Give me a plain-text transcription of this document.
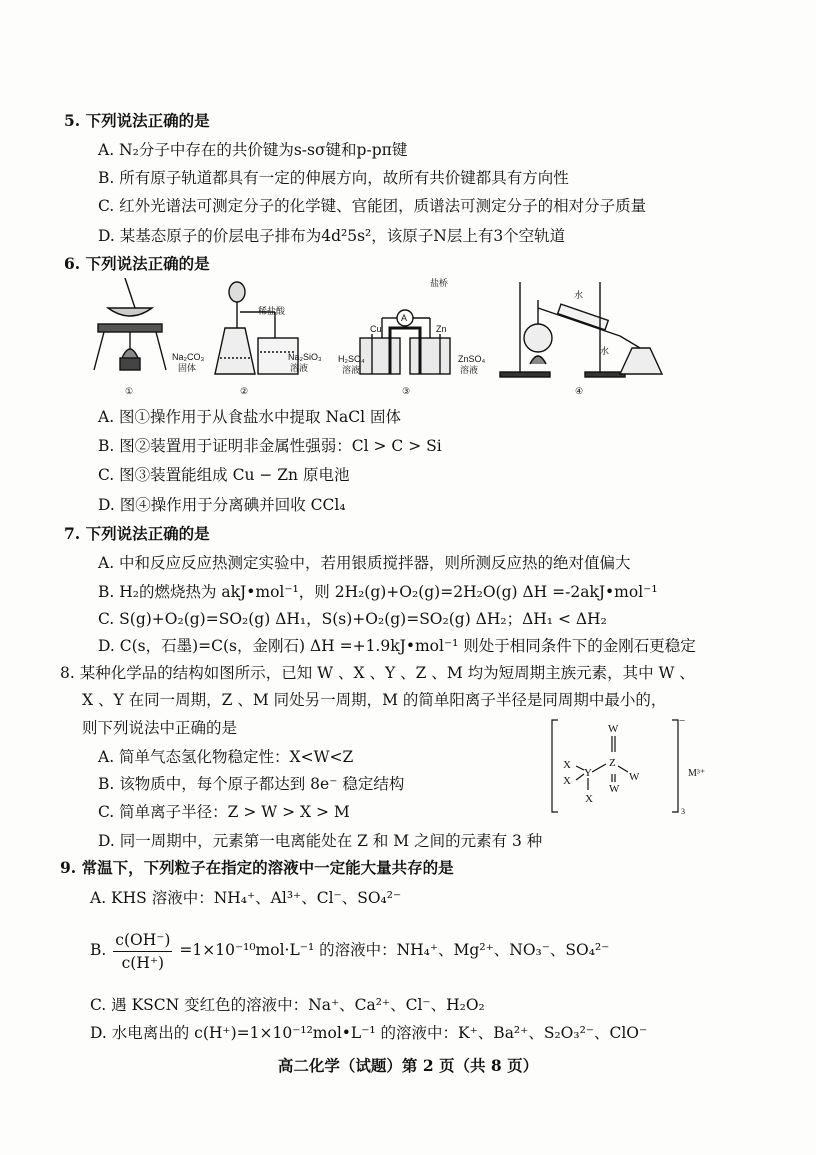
5. 下列说法正确的是
A. N₂分子中存在的共价键为s-sσ键和p-pπ键
B. 所有原子轨道都具有一定的伸展方向，故所有共价键都具有方向性
C. 红外光谱法可测定分子的化学键、官能团，质谱法可测定分子的相对分子质量
D. 某基态原子的价层电子排布为4d²5s²，该原子N层上有3个空轨道
6. 下列说法正确的是
稀盐酸
Na₂CO₃
固体
Na₂SiO₃
溶液
盐桥
A
Cu	Zn
H₂SO₄
溶液
ZnSO₄
溶液
水
水
①	②	③	④
A. 图①操作用于从食盐水中提取 NaCl 固体
B. 图②装置用于证明非金属性强弱：Cl > C > Si
C. 图③装置能组成 Cu − Zn 原电池
D. 图④操作用于分离碘并回收 CCl₄
7. 下列说法正确的是
A. 中和反应反应热测定实验中，若用银质搅拌器，则所测反应热的绝对值偏大
B. H₂的燃烧热为 akJ•mol⁻¹，则 2H₂(g)+O₂(g)=2H₂O(g) ΔH =-2akJ•mol⁻¹
C. S(g)+O₂(g)=SO₂(g) ΔH₁，S(s)+O₂(g)=SO₂(g) ΔH₂；ΔH₁ < ΔH₂
D. C(s，石墨)=C(s，金刚石) ΔH =+1.9kJ•mol⁻¹ 则处于相同条件下的金刚石更稳定
8. 某种化学品的结构如图所示，已知 W 、X 、Y 、Z 、M 均为短周期主族元素，其中 W 、
X 、Y 在同一周期，Z 、M 同处另一周期，M 的简单阳离子半径是同周期中最小的，
则下列说法中正确的是
A. 简单气态氢化物稳定性：X<W<Z
B. 该物质中，每个原子都达到 8e⁻ 稳定结构
C. 简单离子半径：Z > W > X > M
D. 同一周期中，元素第一电离能处在 Z 和 M 之间的元素有 3 种
W
Z
W
W
Y
X
X
X
−
3
M³⁺
9. 常温下，下列粒子在指定的溶液中一定能大量共存的是
A. KHS 溶液中：NH₄⁺、Al³⁺、Cl⁻、SO₄²⁻
B. $\frac{c(OH^-)}{c(H^+)} =1\times 10^{-10}mol\cdot L^{-1}$ 的溶液中：NH₄⁺、Mg²⁺、NO₃⁻、SO₄²⁻
C. 遇 KSCN 变红色的溶液中：Na⁺、Ca²⁺、Cl⁻、H₂O₂
D. 水电离出的 c(H⁺)=1×10⁻¹²mol•L⁻¹ 的溶液中：K⁺、Ba²⁺、S₂O₃²⁻、ClO⁻
高二化学（试题）第 2 页（共 8 页）
